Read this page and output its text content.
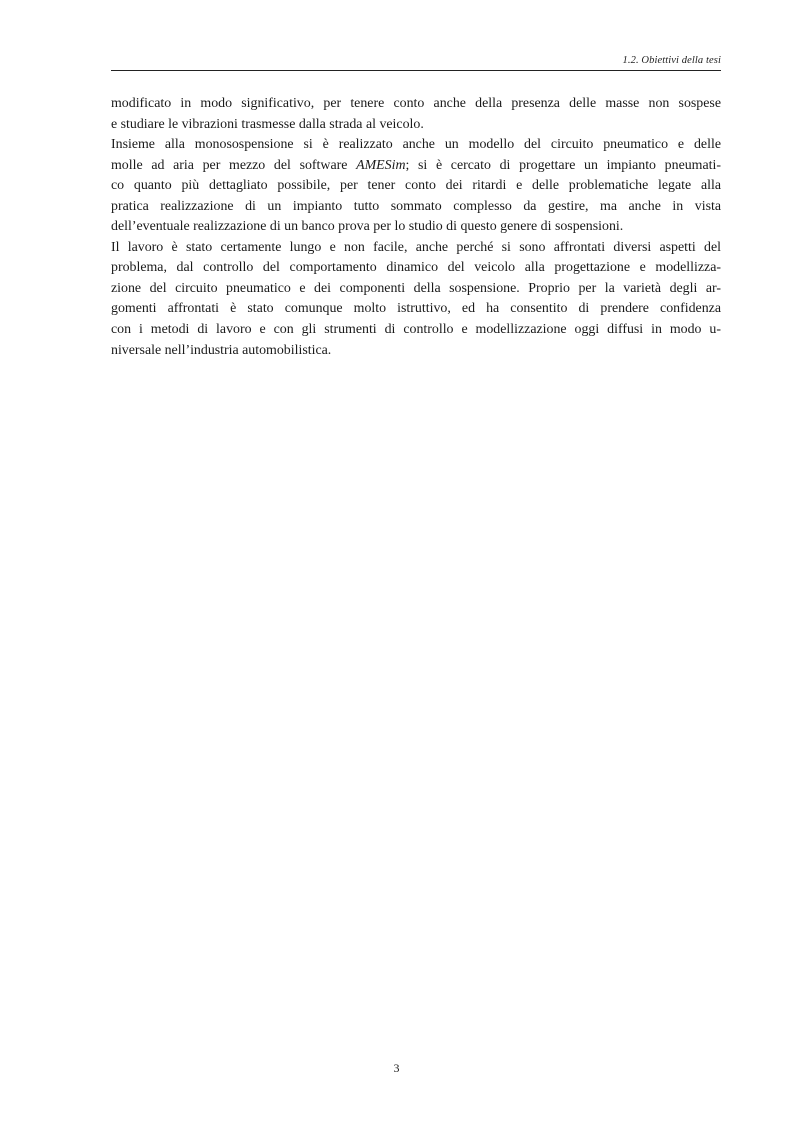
1.2. Obiettivi della tesi
modificato in modo significativo, per tenere conto anche della presenza delle masse non sospese
e studiare le vibrazioni trasmesse dalla strada al veicolo.
Insieme alla monosospensione si è realizzato anche un modello del circuito pneumatico e delle
molle ad aria per mezzo del software AMESim; si è cercato di progettare un impianto pneumati-
co quanto più dettagliato possibile, per tener conto dei ritardi e delle problematiche legate alla
pratica realizzazione di un impianto tutto sommato complesso da gestire, ma anche in vista
dell’eventuale realizzazione di un banco prova per lo studio di questo genere di sospensioni.
Il lavoro è stato certamente lungo e non facile, anche perché si sono affrontati diversi aspetti del
problema, dal controllo del comportamento dinamico del veicolo alla progettazione e modellizza-
zione del circuito pneumatico e dei componenti della sospensione. Proprio per la varietà degli ar-
gomenti affrontati è stato comunque molto istruttivo, ed ha consentito di prendere confidenza
con i metodi di lavoro e con gli strumenti di controllo e modellizzazione oggi diffusi in modo u-
niversale nell’industria automobilistica.
3
